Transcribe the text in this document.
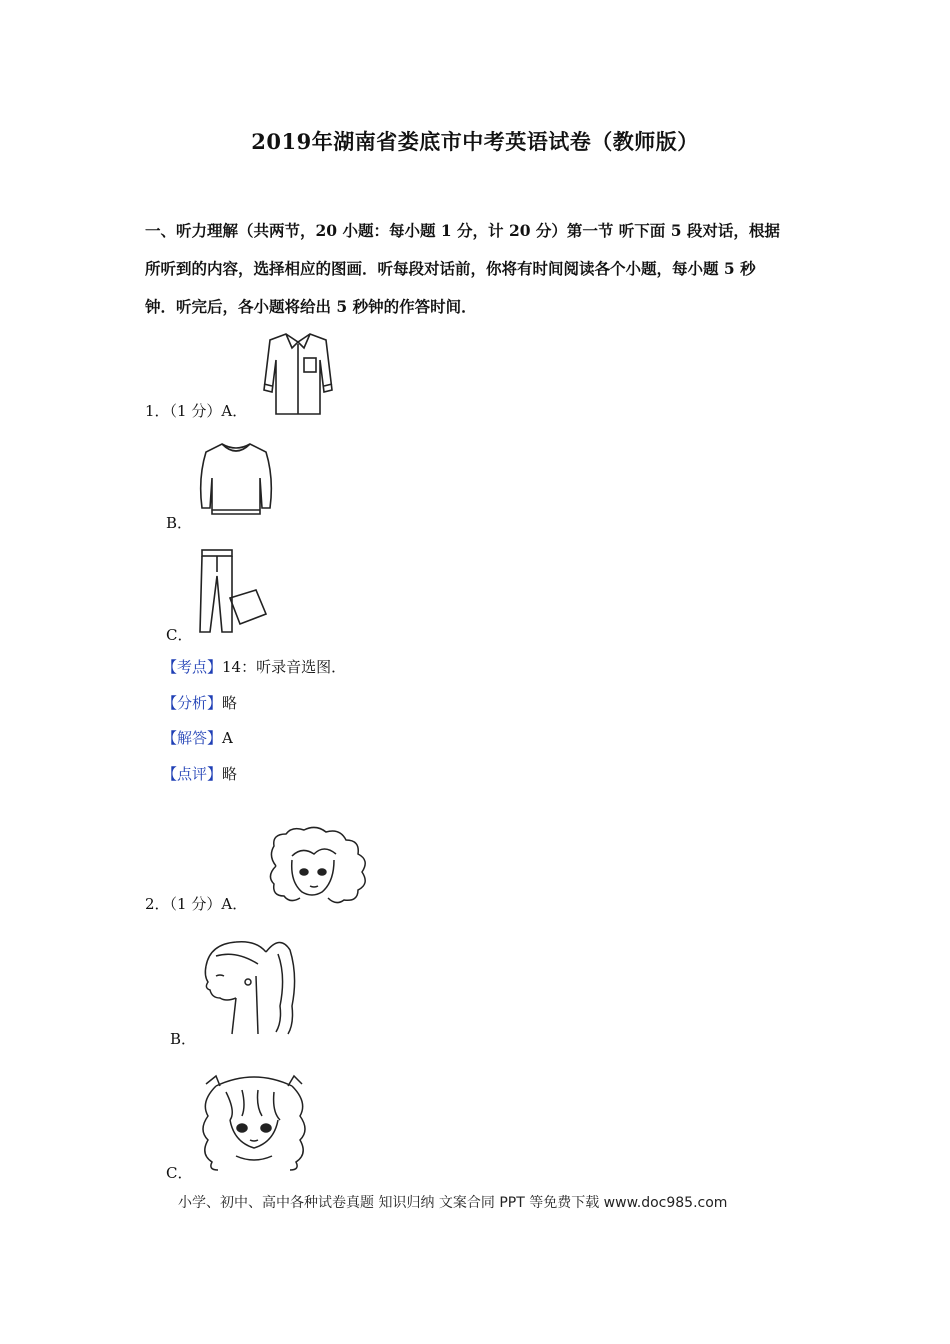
2019年湖南省娄底市中考英语试卷（教师版）
一、听力理解（共两节，20 小题：每小题 1 分，计 20 分）第一节 听下面 5 段对话，根据
所听到的内容，选择相应的图画．听每段对话前，你将有时间阅读各个小题，每小题 5 秒
钟．听完后，各小题将给出 5 秒钟的作答时间．
1．（1 分）A．
B．
C．
【考点】14：听录音选图．
【分析】略
【解答】A
【点评】略
2．（1 分）A．
B．
C．
小学、初中、高中各种试卷真题 知识归纳 文案合同 PPT 等免费下载 www.doc985.com
